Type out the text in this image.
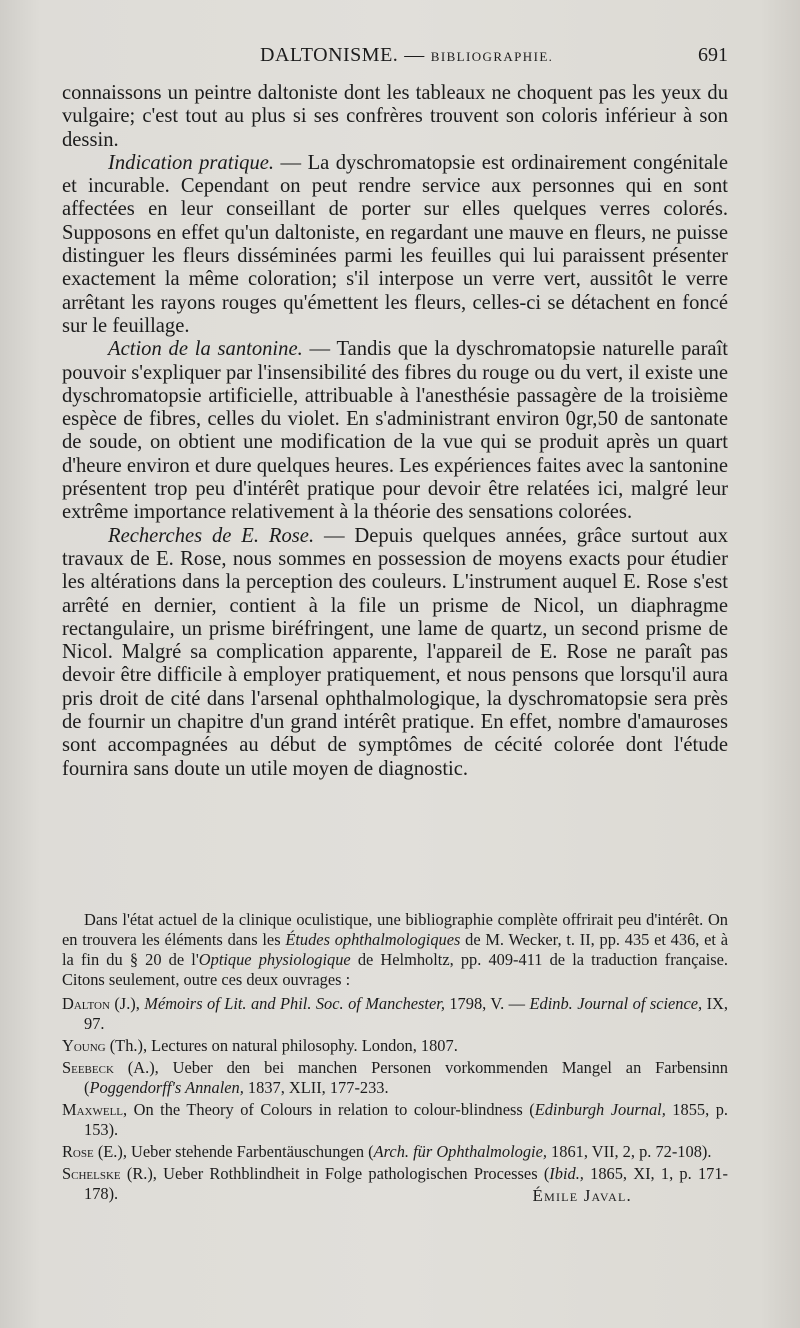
DALTONISME. — BIBLIOGRAPHIE.	691

connaissons un peintre daltoniste dont les tableaux ne choquent pas les yeux du vulgaire; c'est tout au plus si ses confrères trouvent son coloris inférieur à son dessin.

Indication pratique. — La dyschromatopsie est ordinairement congénitale et incurable. Cependant on peut rendre service aux personnes qui en sont affectées en leur conseillant de porter sur elles quelques verres colorés. Supposons en effet qu'un daltoniste, en regardant une mauve en fleurs, ne puisse distinguer les fleurs disséminées parmi les feuilles qui lui paraissent présenter exactement la même coloration; s'il interpose un verre vert, aussitôt le verre arrêtant les rayons rouges qu'émettent les fleurs, celles-ci se détachent en foncé sur le feuillage.

Action de la santonine. — Tandis que la dyschromatopsie naturelle paraît pouvoir s'expliquer par l'insensibilité des fibres du rouge ou du vert, il existe une dyschromatopsie artificielle, attribuable à l'anesthésie passagère de la troisième espèce de fibres, celles du violet. En s'administrant environ 0gr,50 de santonate de soude, on obtient une modification de la vue qui se produit après un quart d'heure environ et dure quelques heures. Les expériences faites avec la santonine présentent trop peu d'intérêt pratique pour devoir être relatées ici, malgré leur extrême importance relativement à la théorie des sensations colorées.

Recherches de E. Rose. — Depuis quelques années, grâce surtout aux travaux de E. Rose, nous sommes en possession de moyens exacts pour étudier les altérations dans la perception des couleurs. L'instrument auquel E. Rose s'est arrêté en dernier, contient à la file un prisme de Nicol, un diaphragme rectangulaire, un prisme biréfringent, une lame de quartz, un second prisme de Nicol. Malgré sa complication apparente, l'appareil de E. Rose ne paraît pas devoir être difficile à employer pratiquement, et nous pensons que lorsqu'il aura pris droit de cité dans l'arsenal ophthalmologique, la dyschromatopsie sera près de fournir un chapitre d'un grand intérêt pratique. En effet, nombre d'amauroses sont accompagnées au début de symptômes de cécité colorée dont l'étude fournira sans doute un utile moyen de diagnostic.

Dans l'état actuel de la clinique oculistique, une bibliographie complète offrirait peu d'intérêt. On en trouvera les éléments dans les Études ophthalmologiques de M. Wecker, t. II, pp. 435 et 436, et à la fin du § 20 de l'Optique physiologique de Helmholtz, pp. 409-411 de la traduction française. Citons seulement, outre ces deux ouvrages :

Dalton (J.), Mémoirs of Lit. and Phil. Soc. of Manchester, 1798, V. — Edinb. Journal of science, IX, 97.

Young (Th.), Lectures on natural philosophy. London, 1807.

Seebeck (A.), Ueber den bei manchen Personen vorkommenden Mangel an Farbensinn (Poggendorff's Annalen, 1837, XLII, 177-233.

Maxwell, On the Theory of Colours in relation to colour-blindness (Edinburgh Journal, 1855, p. 153).

Rose (E.), Ueber stehende Farbentäuschungen (Arch. für Ophthalmologie, 1861, VII, 2, p. 72-108).

Schelske (R.), Ueber Rothblindheit in Folge pathologischen Processes (Ibid., 1865, XI, 1, p. 171-178).	Émile Javal.
